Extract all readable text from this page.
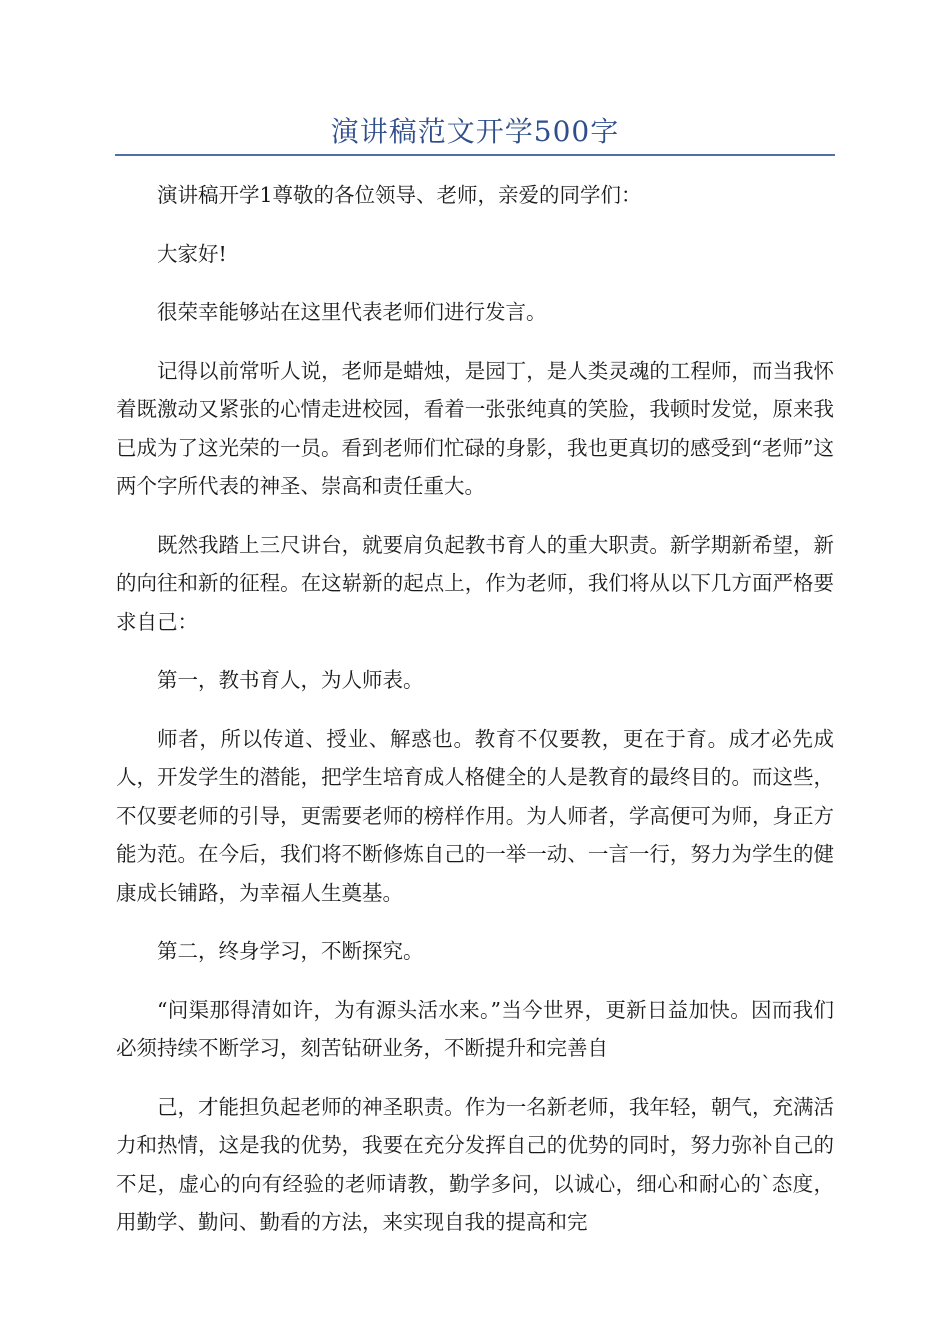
演讲稿范文开学500字

演讲稿开学1尊敬的各位领导、老师，亲爱的同学们：

大家好!

很荣幸能够站在这里代表老师们进行发言。

记得以前常听人说，老师是蜡烛，是园丁，是人类灵魂的工程师，而当我怀着既激动又紧张的心情走进校园，看着一张张纯真的笑脸，我顿时发觉，原来我已成为了这光荣的一员。看到老师们忙碌的身影，我也更真切的感受到“老师”这两个字所代表的神圣、崇高和责任重大。

既然我踏上三尺讲台，就要肩负起教书育人的重大职责。新学期新希望，新的向往和新的征程。在这崭新的起点上，作为老师，我们将从以下几方面严格要求自己：

第一，教书育人，为人师表。

师者，所以传道、授业、解惑也。教育不仅要教，更在于育。成才必先成人，开发学生的潜能，把学生培育成人格健全的人是教育的最终目的。而这些，不仅要老师的引导，更需要老师的榜样作用。为人师者，学高便可为师，身正方能为范。在今后，我们将不断修炼自己的一举一动、一言一行，努力为学生的健康成长铺路，为幸福人生奠基。

第二，终身学习，不断探究。

“问渠那得清如许，为有源头活水来。”当今世界，更新日益加快。因而我们必须持续不断学习，刻苦钻研业务，不断提升和完善自

己，才能担负起老师的神圣职责。作为一名新老师，我年轻，朝气，充满活力和热情，这是我的优势，我要在充分发挥自己的优势的同时，努力弥补自己的不足，虚心的向有经验的老师请教，勤学多问，以诚心，细心和耐心的`态度，用勤学、勤问、勤看的方法，来实现自我的提高和完
